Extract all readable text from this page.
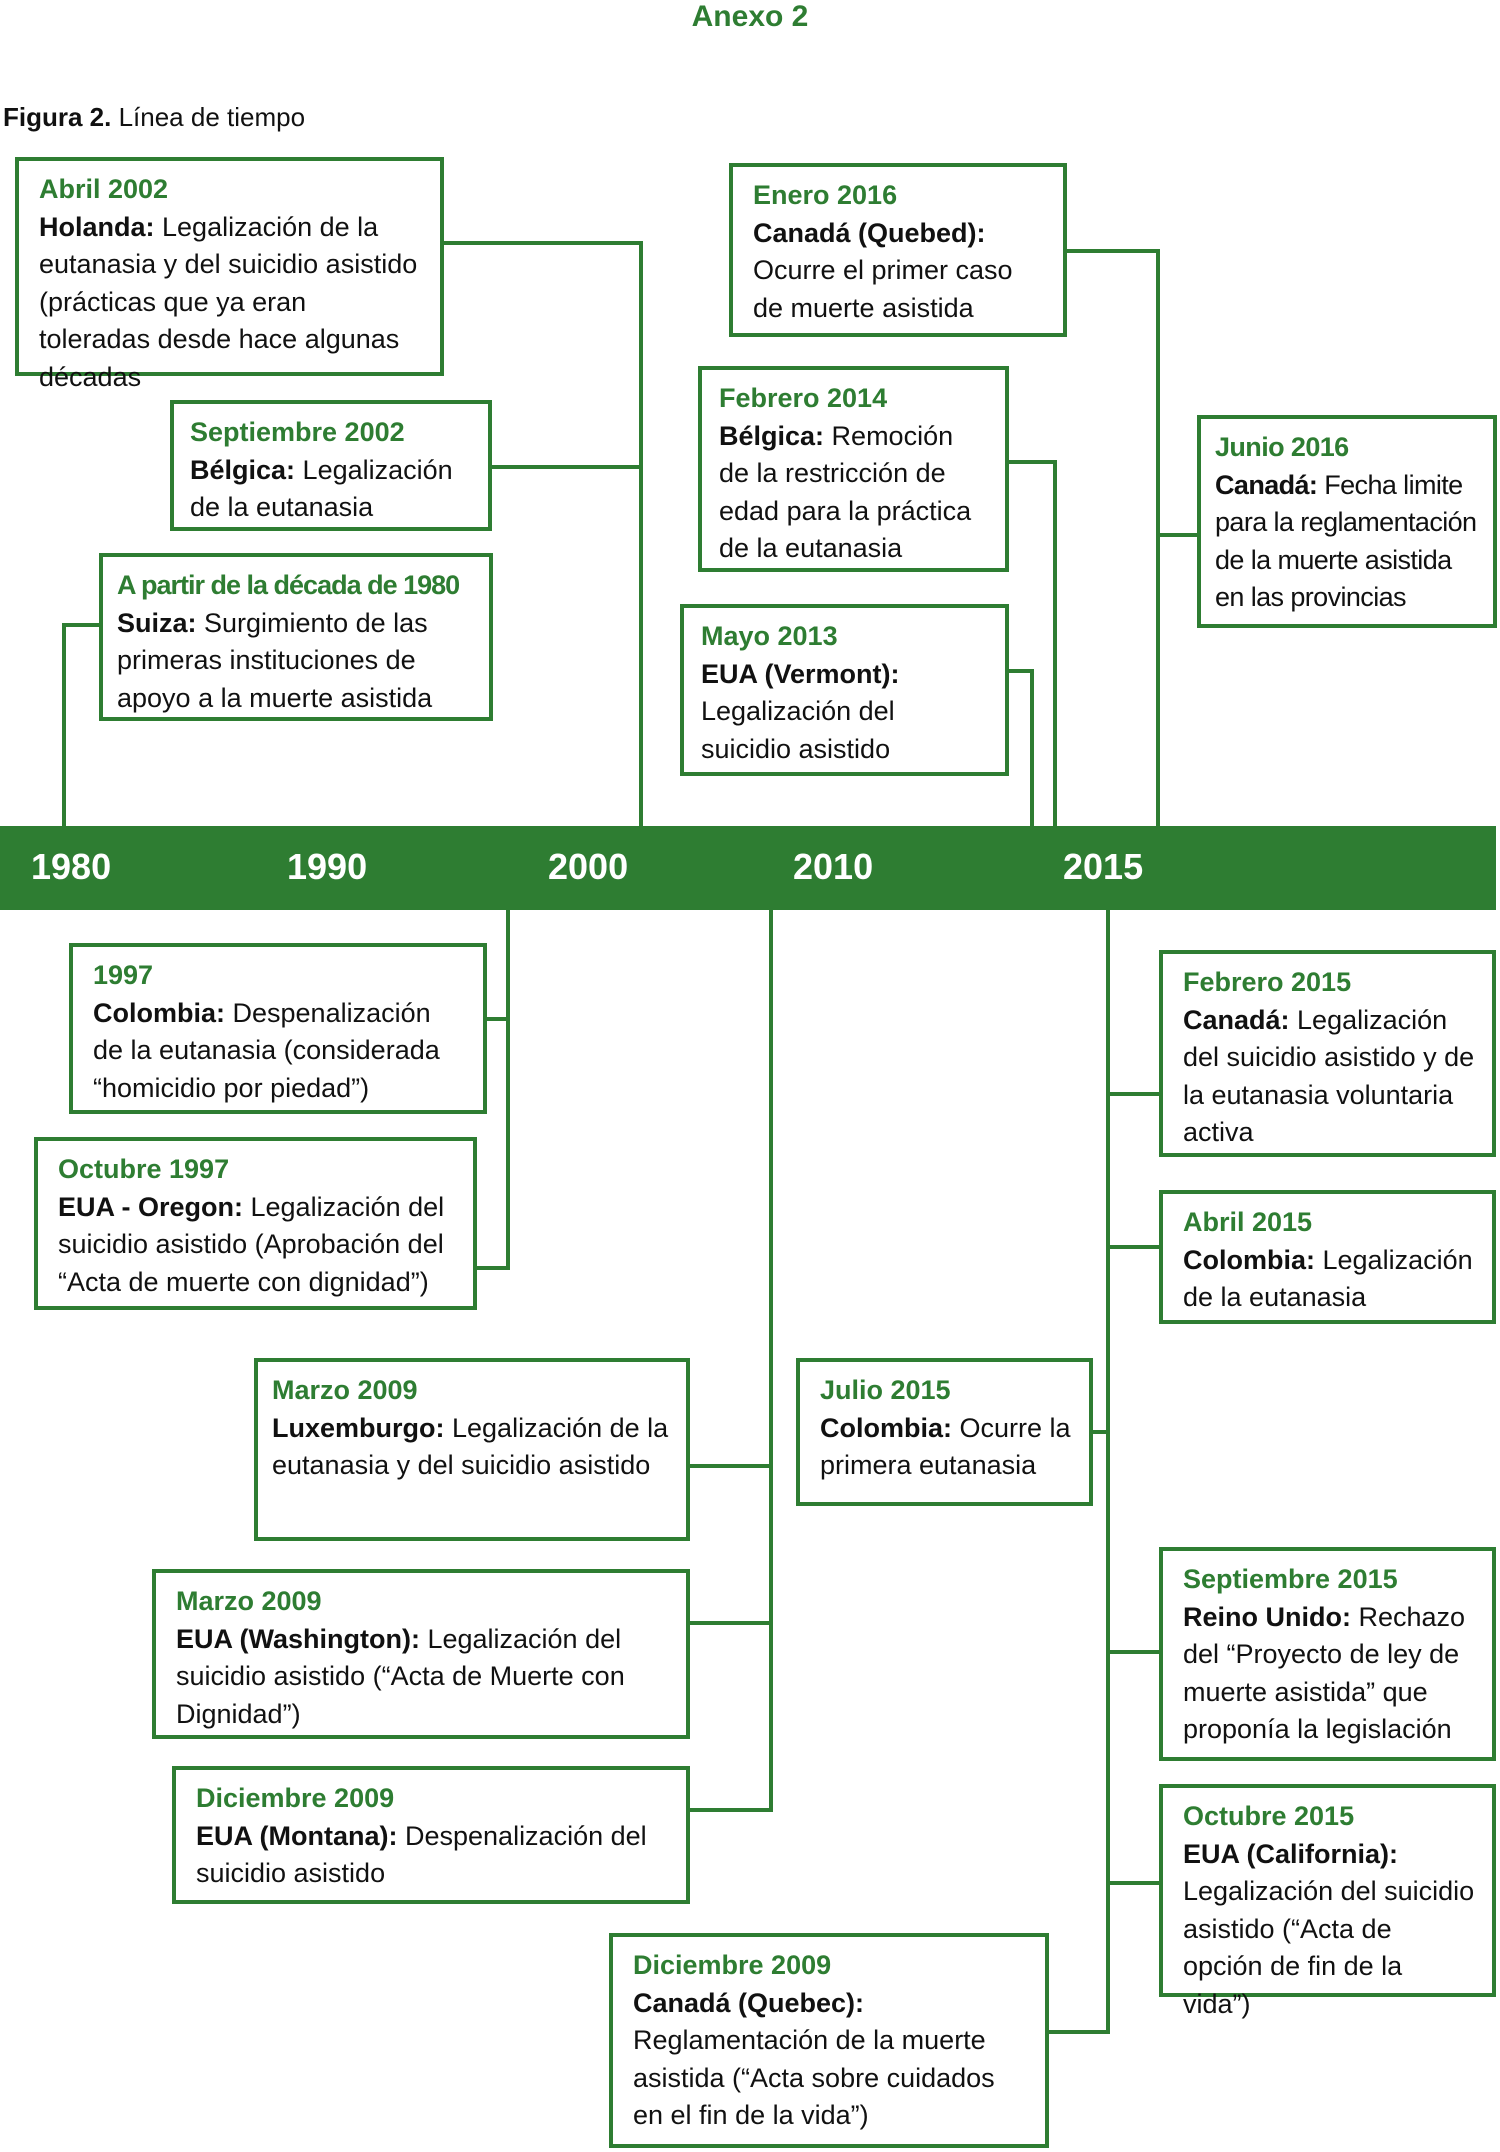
Anexo 2
Figura 2. Línea de tiempo
1980	1990	2000	2010	2015
Abril 2002
Holanda: Legalización de la eutanasia y del suicidio asistido (prácticas que ya eran toleradas desde hace algunas décadas
Septiembre 2002
Bélgica: Legalización de la eutanasia
A partir de la década de 1980
Suiza: Surgimiento de las primeras instituciones de apoyo a la muerte asistida
Enero 2016
Canadá (Quebed): Ocurre el primer caso de muerte asistida
Febrero 2014
Bélgica: Remoción de la restricción de edad para la práctica de la eutanasia
Mayo 2013
EUA (Vermont): Legalización del suicidio asistido
Junio 2016
Canadá: Fecha limite para la reglamentación de la muerte asistida en las provincias
1997
Colombia: Despenalización de la eutanasia (considerada “homicidio por piedad”)
Octubre 1997
EUA - Oregon: Legalización del suicidio asistido (Aprobación del “Acta de muerte con dignidad”)
Marzo 2009
Luxemburgo: Legalización de la eutanasia y del suicidio asistido
Marzo 2009
EUA (Washington): Legalización del suicidio asistido (“Acta de Muerte con Dignidad”)
Diciembre 2009
EUA (Montana): Despenalización del suicidio asistido
Diciembre 2009
Canadá (Quebec): Reglamentación de la muerte asistida (“Acta sobre cuidados en el fin de la vida”)
Julio 2015
Colombia: Ocurre la primera eutanasia
Febrero 2015
Canadá: Legalización del suicidio asistido y de la eutanasia voluntaria activa
Abril 2015
Colombia: Legalización de la eutanasia
Septiembre 2015
Reino Unido: Rechazo del “Proyecto de ley de muerte asistida” que proponía la legislación
Octubre 2015
EUA (California): Legalización del suicidio asistido (“Acta de opción de fin de la vida”)
